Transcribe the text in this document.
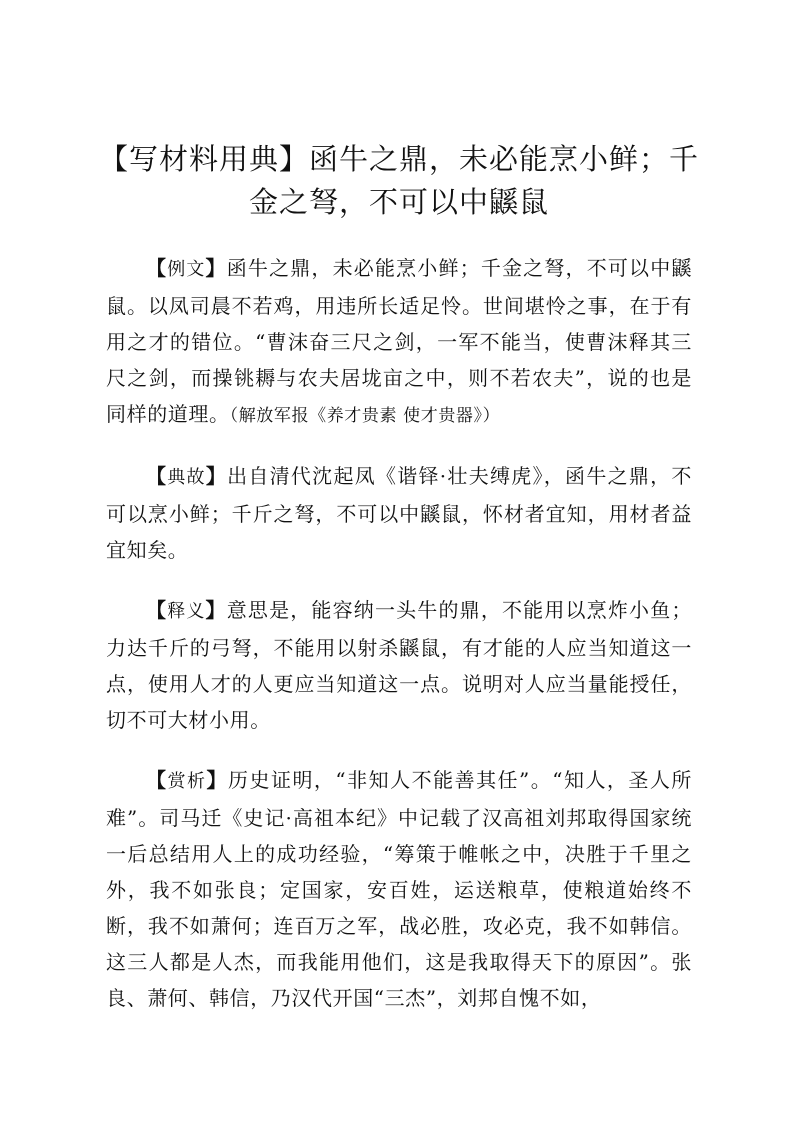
【写材料用典】函牛之鼎，未必能烹小鲜；千金之弩，不可以中鼷鼠

【例文】函牛之鼎，未必能烹小鲜；千金之弩，不可以中鼷鼠。以凤司晨不若鸡，用违所长适足怜。世间堪怜之事，在于有用之才的错位。“曹沫奋三尺之剑，一军不能当，使曹沫释其三尺之剑，而操铫耨与农夫居垅亩之中，则不若农夫”，说的也是同样的道理。（解放军报《养才贵素 使才贵器》）

【典故】出自清代沈起凤《谐铎·壮夫缚虎》，函牛之鼎，不可以烹小鲜；千斤之弩，不可以中鼷鼠，怀材者宜知，用材者益宜知矣。

【释义】意思是，能容纳一头牛的鼎，不能用以烹炸小鱼；力达千斤的弓弩，不能用以射杀鼷鼠，有才能的人应当知道这一点，使用人才的人更应当知道这一点。说明对人应当量能授任，切不可大材小用。

【赏析】历史证明，“非知人不能善其任”。“知人，圣人所难”。司马迁《史记·高祖本纪》中记载了汉高祖刘邦取得国家统一后总结用人上的成功经验，“筹策于帷帐之中，决胜于千里之外，我不如张良；定国家，安百姓，运送粮草，使粮道始终不断，我不如萧何；连百万之军，战必胜，攻必克，我不如韩信。这三人都是人杰，而我能用他们，这是我取得天下的原因”。张良、萧何、韩信，乃汉代开国“三杰”，刘邦自愧不如，
